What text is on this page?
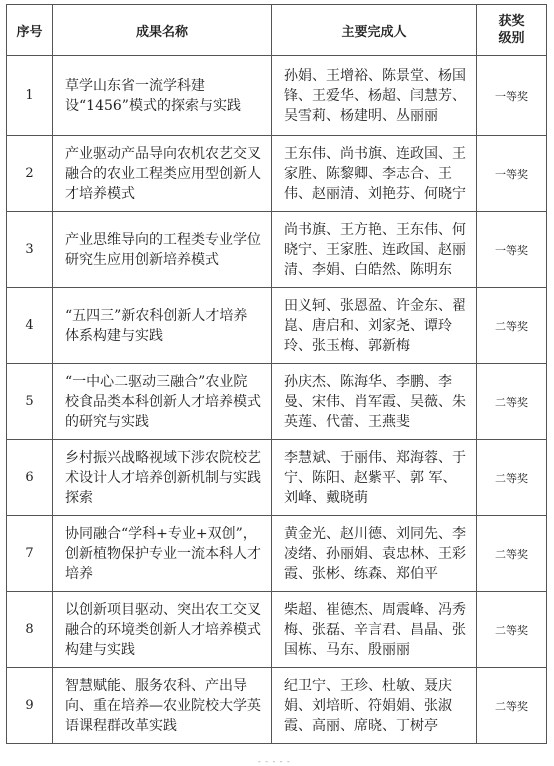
序号	成果名称	主要完成人	获奖
级别

1	草学山东省一流学科建设“1456”模式的探索与实践	孙娟、王增裕、陈景堂、杨国锋、王爱华、杨超、闫慧芳、吴雪莉、杨建明、丛丽丽	一等奖
2	产业驱动产品导向农机农艺交叉融合的农业工程类应用型创新人才培养模式	王东伟、尚书旗、连政国、王家胜、陈黎卿、李志合、王伟、赵丽清、刘艳芬、何晓宁	一等奖
3	产业思维导向的工程类专业学位研究生应用创新培养模式	尚书旗、王方艳、王东伟、何晓宁、王家胜、连政国、赵丽清、李娟、白皓然、陈明东	一等奖
4	“五四三”新农科创新人才培养体系构建与实践	田义轲、张恩盈、许金东、翟崑、唐启和、刘家尧、谭玲玲、张玉梅、郭新梅	二等奖
5	“一中心二驱动三融合”农业院校食品类本科创新人才培养模式的研究与实践	孙庆杰、陈海华、李鹏、李曼、宋伟、肖军霞、吴薇、朱英莲、代蕾、王燕斐	二等奖
6	乡村振兴战略视域下涉农院校艺术设计人才培养创新机制与实践探索	李慧斌、于丽伟、郑海蓉、于宁、陈阳、赵紫平、郭 军、刘峰、戴晓萌	二等奖
7	协同融合“学科+专业+双创”，创新植物保护专业一流本科人才培养	黄金光、赵川德、刘同先、李凌绪、孙丽娟、袁忠林、王彩霞、张彬、练森、郑伯平	二等奖
8	以创新项目驱动、突出农工交叉融合的环境类创新人才培养模式构建与实践	柴超、崔德杰、周震峰、冯秀梅、张磊、辛言君、昌晶、张国栋、马东、殷丽丽	二等奖
9	智慧赋能、服务农科、产出导向、重在培养—农业院校大学英语课程群改革实践	纪卫宁、王珍、杜敏、聂庆娟、刘培昕、符娟娟、张淑霞、高丽、席晓、丁树亭	二等奖
- - - - -
